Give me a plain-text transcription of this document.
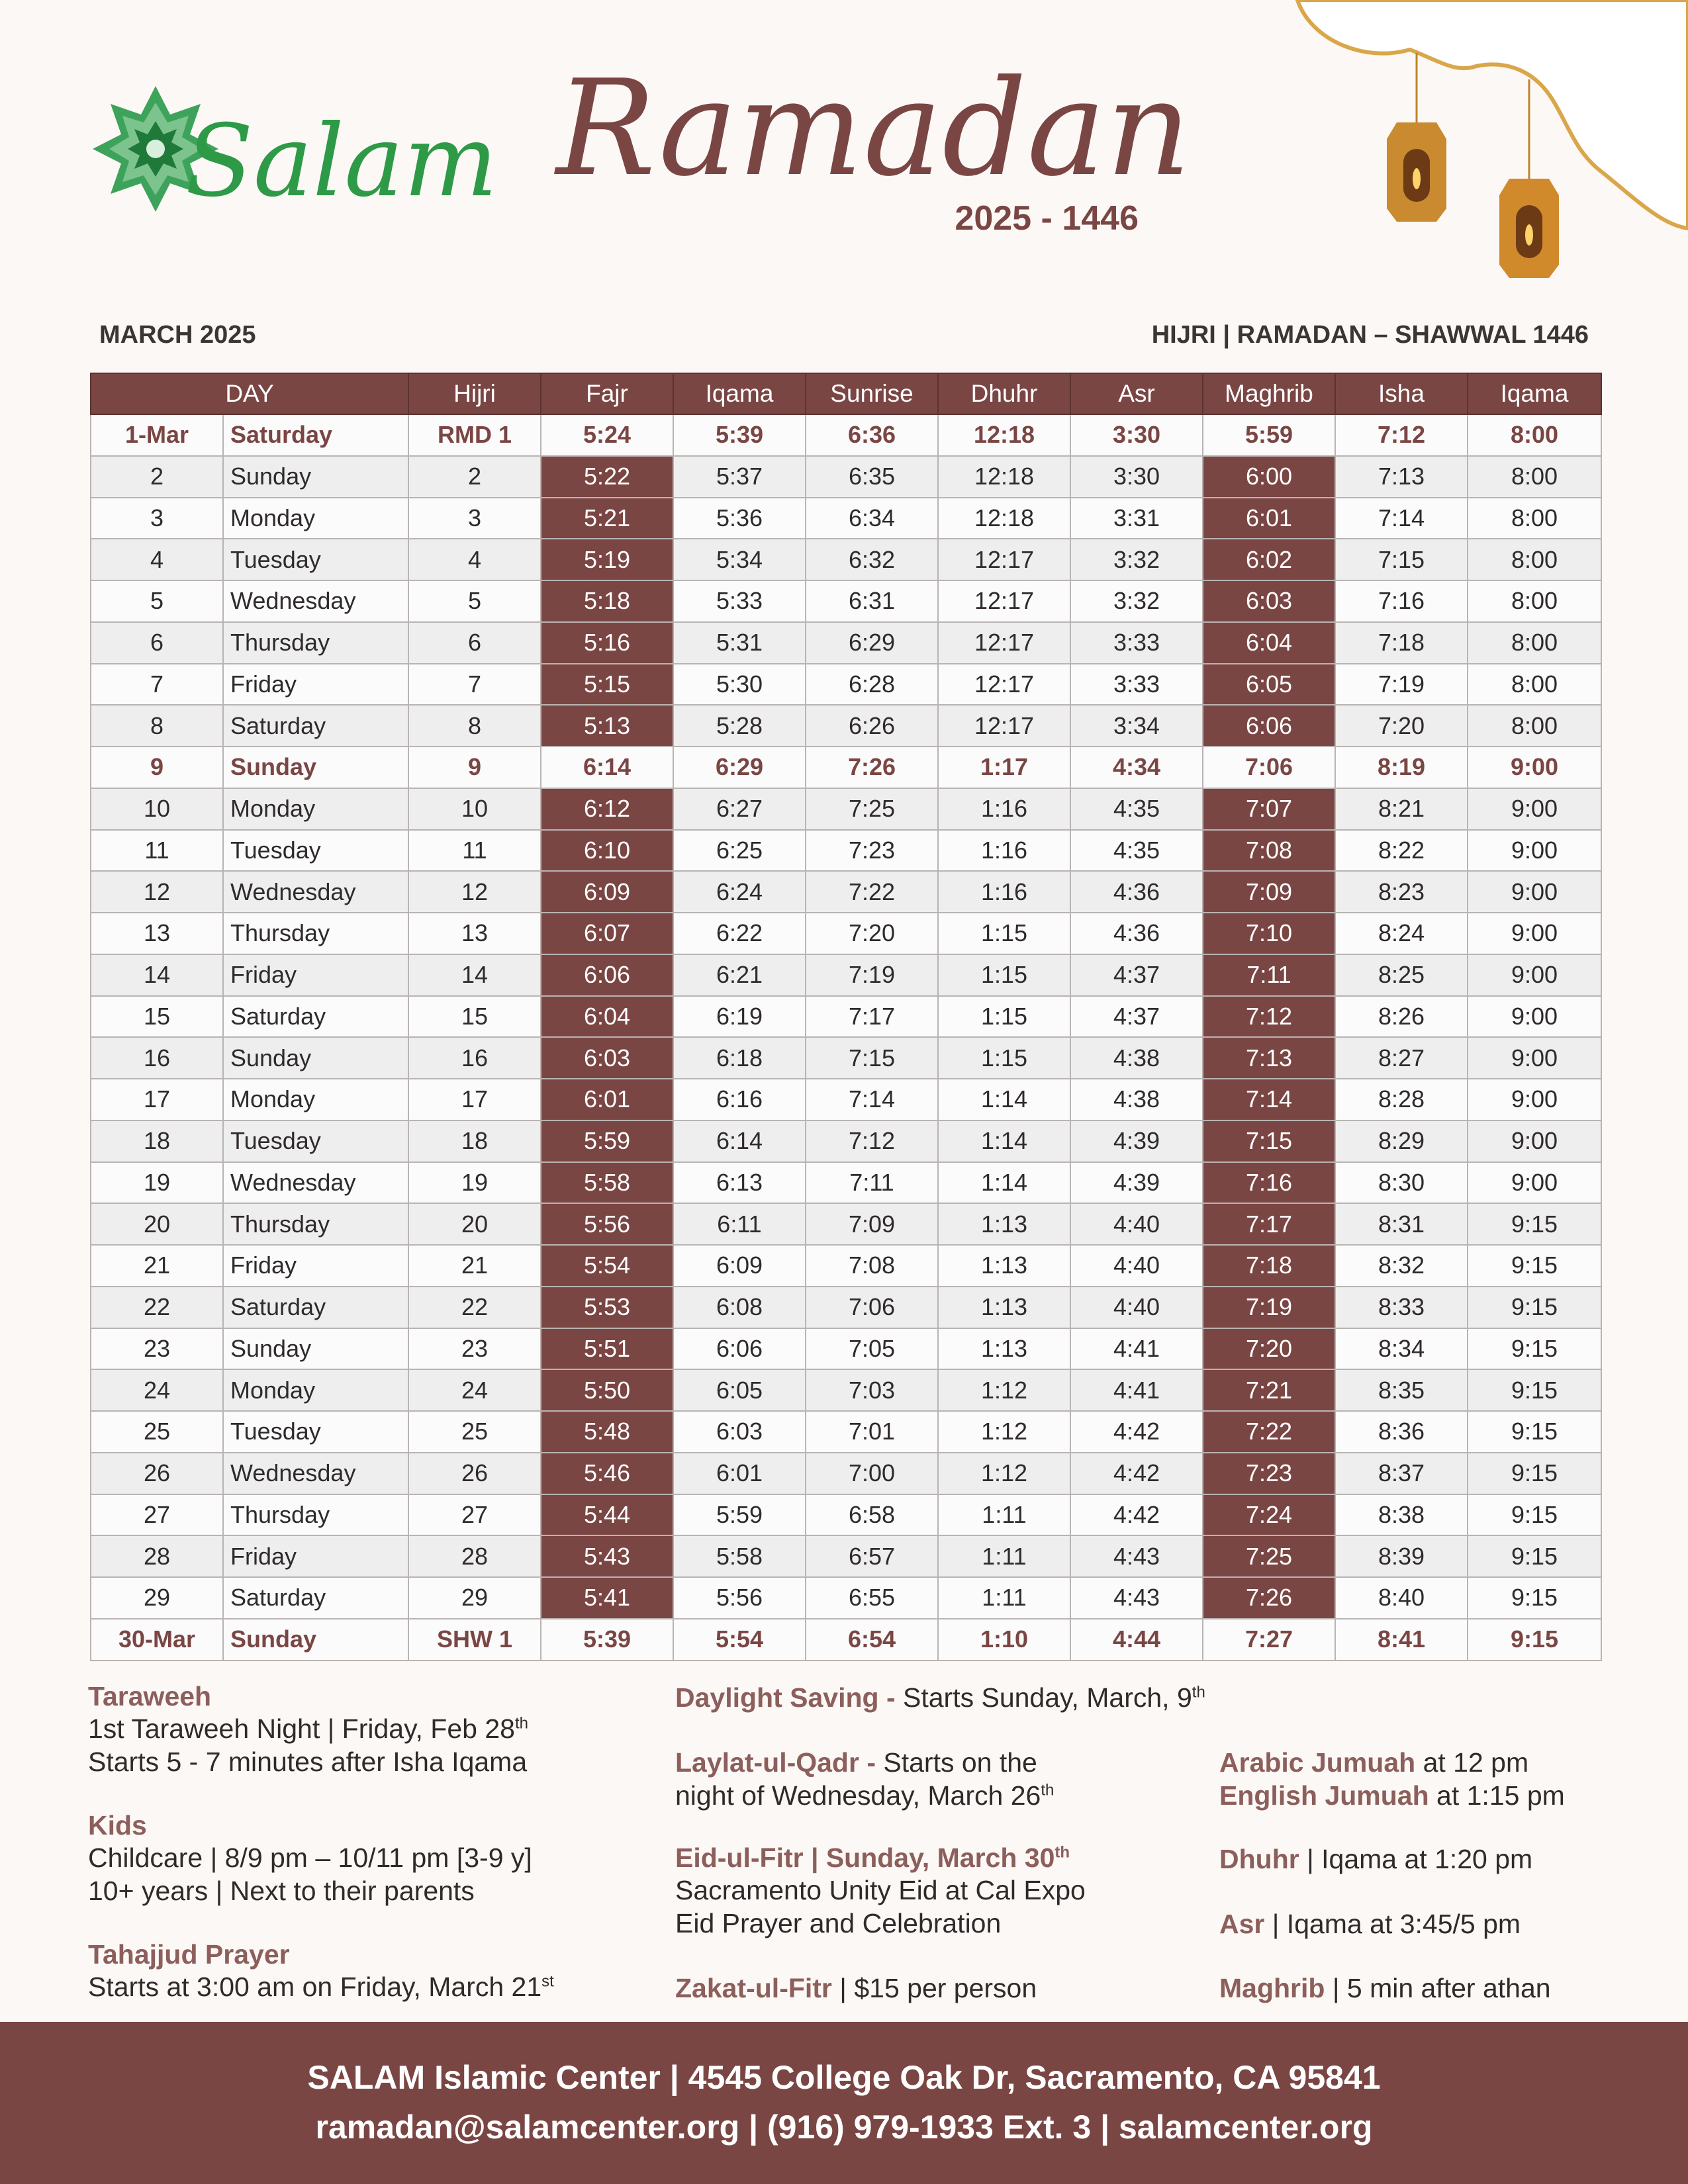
Salam Ramadan
2025 - 1446
MARCH 2025	HIJRI | RAMADAN – SHAWWAL 1446
DAY		Hijri	Fajr	Iqama	Sunrise	Dhuhr	Asr	Maghrib	Isha	Iqama
1-Mar	Saturday	RMD 1	5:24	5:39	6:36	12:18	3:30	5:59	7:12	8:00
2	Sunday	2	5:22	5:37	6:35	12:18	3:30	6:00	7:13	8:00
3	Monday	3	5:21	5:36	6:34	12:18	3:31	6:01	7:14	8:00
4	Tuesday	4	5:19	5:34	6:32	12:17	3:32	6:02	7:15	8:00
5	Wednesday	5	5:18	5:33	6:31	12:17	3:32	6:03	7:16	8:00
6	Thursday	6	5:16	5:31	6:29	12:17	3:33	6:04	7:18	8:00
7	Friday	7	5:15	5:30	6:28	12:17	3:33	6:05	7:19	8:00
8	Saturday	8	5:13	5:28	6:26	12:17	3:34	6:06	7:20	8:00
9	Sunday	9	6:14	6:29	7:26	1:17	4:34	7:06	8:19	9:00
10	Monday	10	6:12	6:27	7:25	1:16	4:35	7:07	8:21	9:00
11	Tuesday	11	6:10	6:25	7:23	1:16	4:35	7:08	8:22	9:00
12	Wednesday	12	6:09	6:24	7:22	1:16	4:36	7:09	8:23	9:00
13	Thursday	13	6:07	6:22	7:20	1:15	4:36	7:10	8:24	9:00
14	Friday	14	6:06	6:21	7:19	1:15	4:37	7:11	8:25	9:00
15	Saturday	15	6:04	6:19	7:17	1:15	4:37	7:12	8:26	9:00
16	Sunday	16	6:03	6:18	7:15	1:15	4:38	7:13	8:27	9:00
17	Monday	17	6:01	6:16	7:14	1:14	4:38	7:14	8:28	9:00
18	Tuesday	18	5:59	6:14	7:12	1:14	4:39	7:15	8:29	9:00
19	Wednesday	19	5:58	6:13	7:11	1:14	4:39	7:16	8:30	9:00
20	Thursday	20	5:56	6:11	7:09	1:13	4:40	7:17	8:31	9:15
21	Friday	21	5:54	6:09	7:08	1:13	4:40	7:18	8:32	9:15
22	Saturday	22	5:53	6:08	7:06	1:13	4:40	7:19	8:33	9:15
23	Sunday	23	5:51	6:06	7:05	1:13	4:41	7:20	8:34	9:15
24	Monday	24	5:50	6:05	7:03	1:12	4:41	7:21	8:35	9:15
25	Tuesday	25	5:48	6:03	7:01	1:12	4:42	7:22	8:36	9:15
26	Wednesday	26	5:46	6:01	7:00	1:12	4:42	7:23	8:37	9:15
27	Thursday	27	5:44	5:59	6:58	1:11	4:42	7:24	8:38	9:15
28	Friday	28	5:43	5:58	6:57	1:11	4:43	7:25	8:39	9:15
29	Saturday	29	5:41	5:56	6:55	1:11	4:43	7:26	8:40	9:15
30-Mar	Sunday	SHW 1	5:39	5:54	6:54	1:10	4:44	7:27	8:41	9:15
Taraweeh
1st Taraweeh Night | Friday, Feb 28th
Starts 5 - 7 minutes after Isha Iqama
Kids
Childcare | 8/9 pm – 10/11 pm [3-9 y]
10+ years | Next to their parents
Tahajjud Prayer
Starts at 3:00 am on Friday, March 21st
Daylight Saving - Starts Sunday, March, 9th
Laylat-ul-Qadr - Starts on the
night of Wednesday, March 26th
Eid-ul-Fitr | Sunday, March 30th
Sacramento Unity Eid at Cal Expo
Eid Prayer and Celebration
Zakat-ul-Fitr | $15 per person
Arabic Jumuah at 12 pm
English Jumuah at 1:15 pm
Dhuhr | Iqama at 1:20 pm
Asr | Iqama at 3:45/5 pm
Maghrib | 5 min after athan
SALAM Islamic Center | 4545 College Oak Dr, Sacramento, CA 95841
ramadan@salamcenter.org | (916) 979-1933 Ext. 3 | salamcenter.org
